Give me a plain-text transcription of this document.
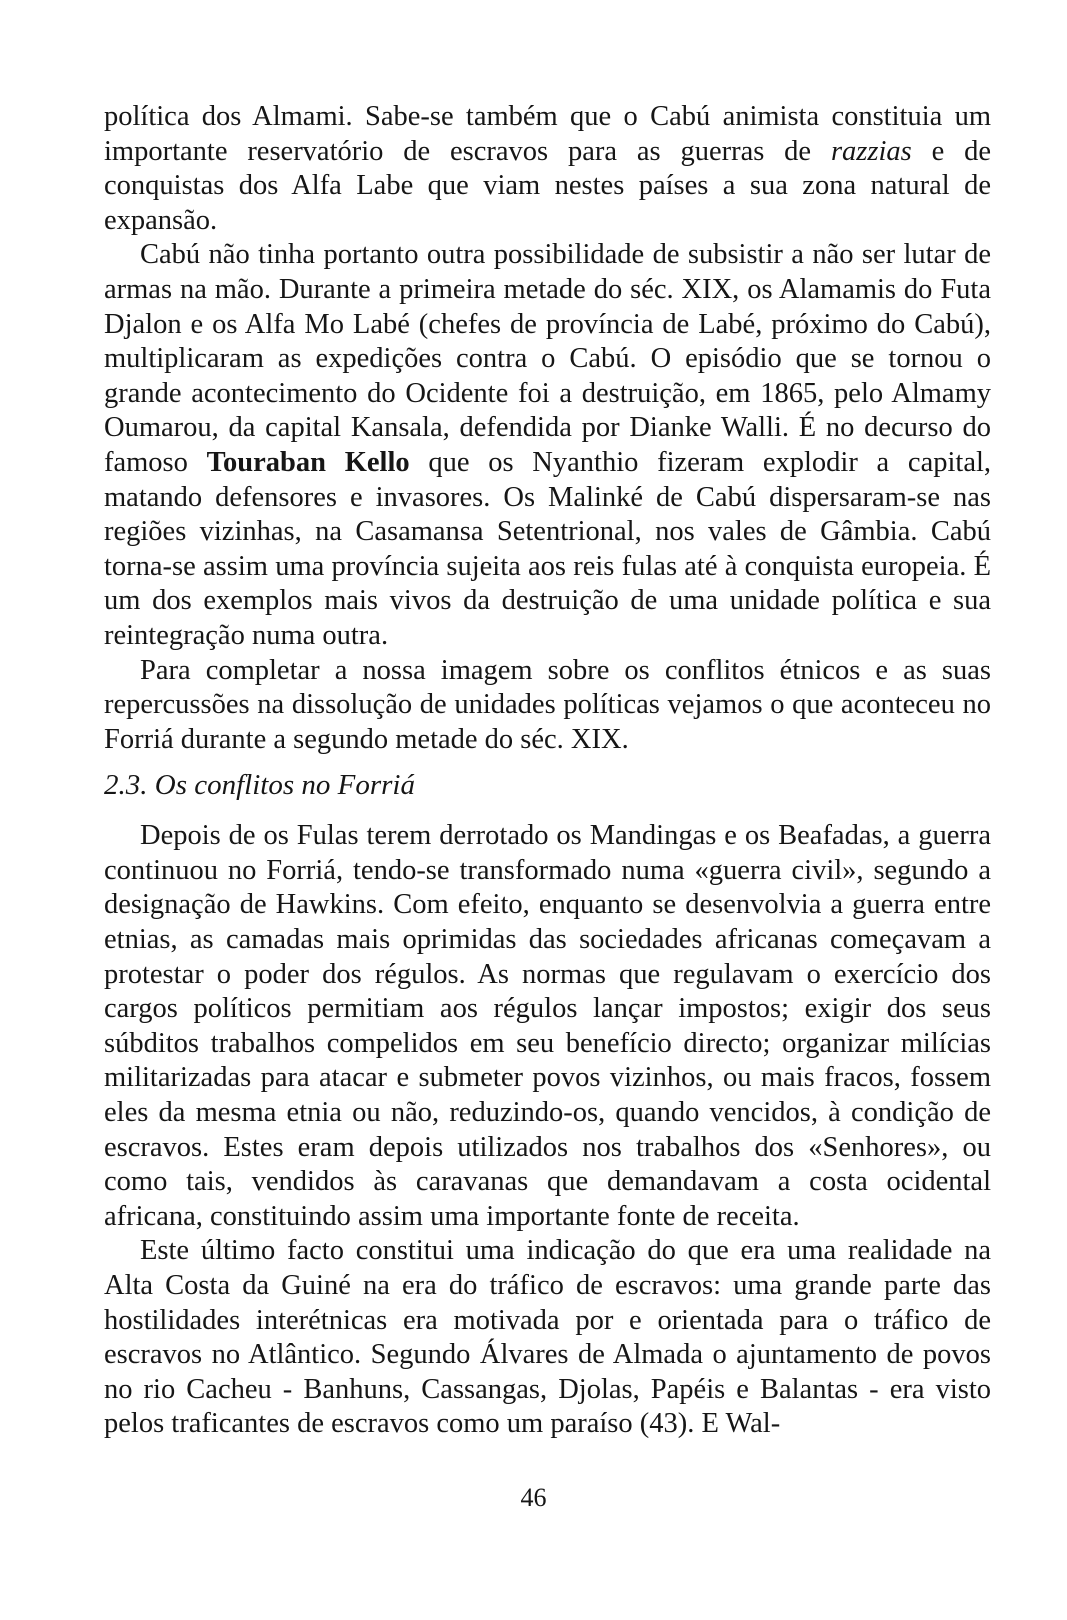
política dos Almami. Sabe-se também que o Cabú animista constituia um importante reservatório de escravos para as guerras de razzias e de conquistas dos Alfa Labe que viam nestes países a sua zona natural de expansão.

Cabú não tinha portanto outra possibilidade de subsistir a não ser lutar de armas na mão. Durante a primeira metade do séc. XIX, os Alamamis do Futa Djalon e os Alfa Mo Labé (chefes de província de Labé, próximo do Cabú), multiplicaram as expedições contra o Cabú. O episódio que se tornou o grande acontecimento do Ocidente foi a destruição, em 1865, pelo Almamy Oumarou, da capital Kansala, defendida por Dianke Walli. É no decurso do famoso Touraban Kello que os Nyanthio fizeram explodir a capital, matando defensores e invasores. Os Malinké de Cabú dispersaram-se nas regiões vizinhas, na Casamansa Setentrional, nos vales de Gâmbia. Cabú torna-se assim uma província sujeita aos reis fulas até à conquista europeia. É um dos exemplos mais vivos da destruição de uma unidade política e sua reintegração numa outra.

Para completar a nossa imagem sobre os conflitos étnicos e as suas repercussões na dissolução de unidades políticas vejamos o que aconteceu no Forriá durante a segundo metade do séc. XIX.

2.3. Os conflitos no Forriá

Depois de os Fulas terem derrotado os Mandingas e os Beafadas, a guerra continuou no Forriá, tendo-se transformado numa «guerra civil», segundo a designação de Hawkins. Com efeito, enquanto se desenvolvia a guerra entre etnias, as camadas mais oprimidas das sociedades africanas começavam a protestar o poder dos régulos. As normas que regulavam o exercício dos cargos políticos permitiam aos régulos lançar impostos; exigir dos seus súbditos trabalhos compelidos em seu benefício directo; organizar milícias militarizadas para atacar e submeter povos vizinhos, ou mais fracos, fossem eles da mesma etnia ou não, reduzindo-os, quando vencidos, à condição de escravos. Estes eram depois utilizados nos trabalhos dos «Senhores», ou como tais, vendidos às caravanas que demandavam a costa ocidental africana, constituindo assim uma importante fonte de receita.

Este último facto constitui uma indicação do que era uma realidade na Alta Costa da Guiné na era do tráfico de escravos: uma grande parte das hostilidades interétnicas era motivada por e orientada para o tráfico de escravos no Atlântico. Segundo Álvares de Almada o ajuntamento de povos no rio Cacheu - Banhuns, Cassangas, Djolas, Papéis e Balantas - era visto pelos traficantes de escravos como um paraíso (43). E Wal-

46
